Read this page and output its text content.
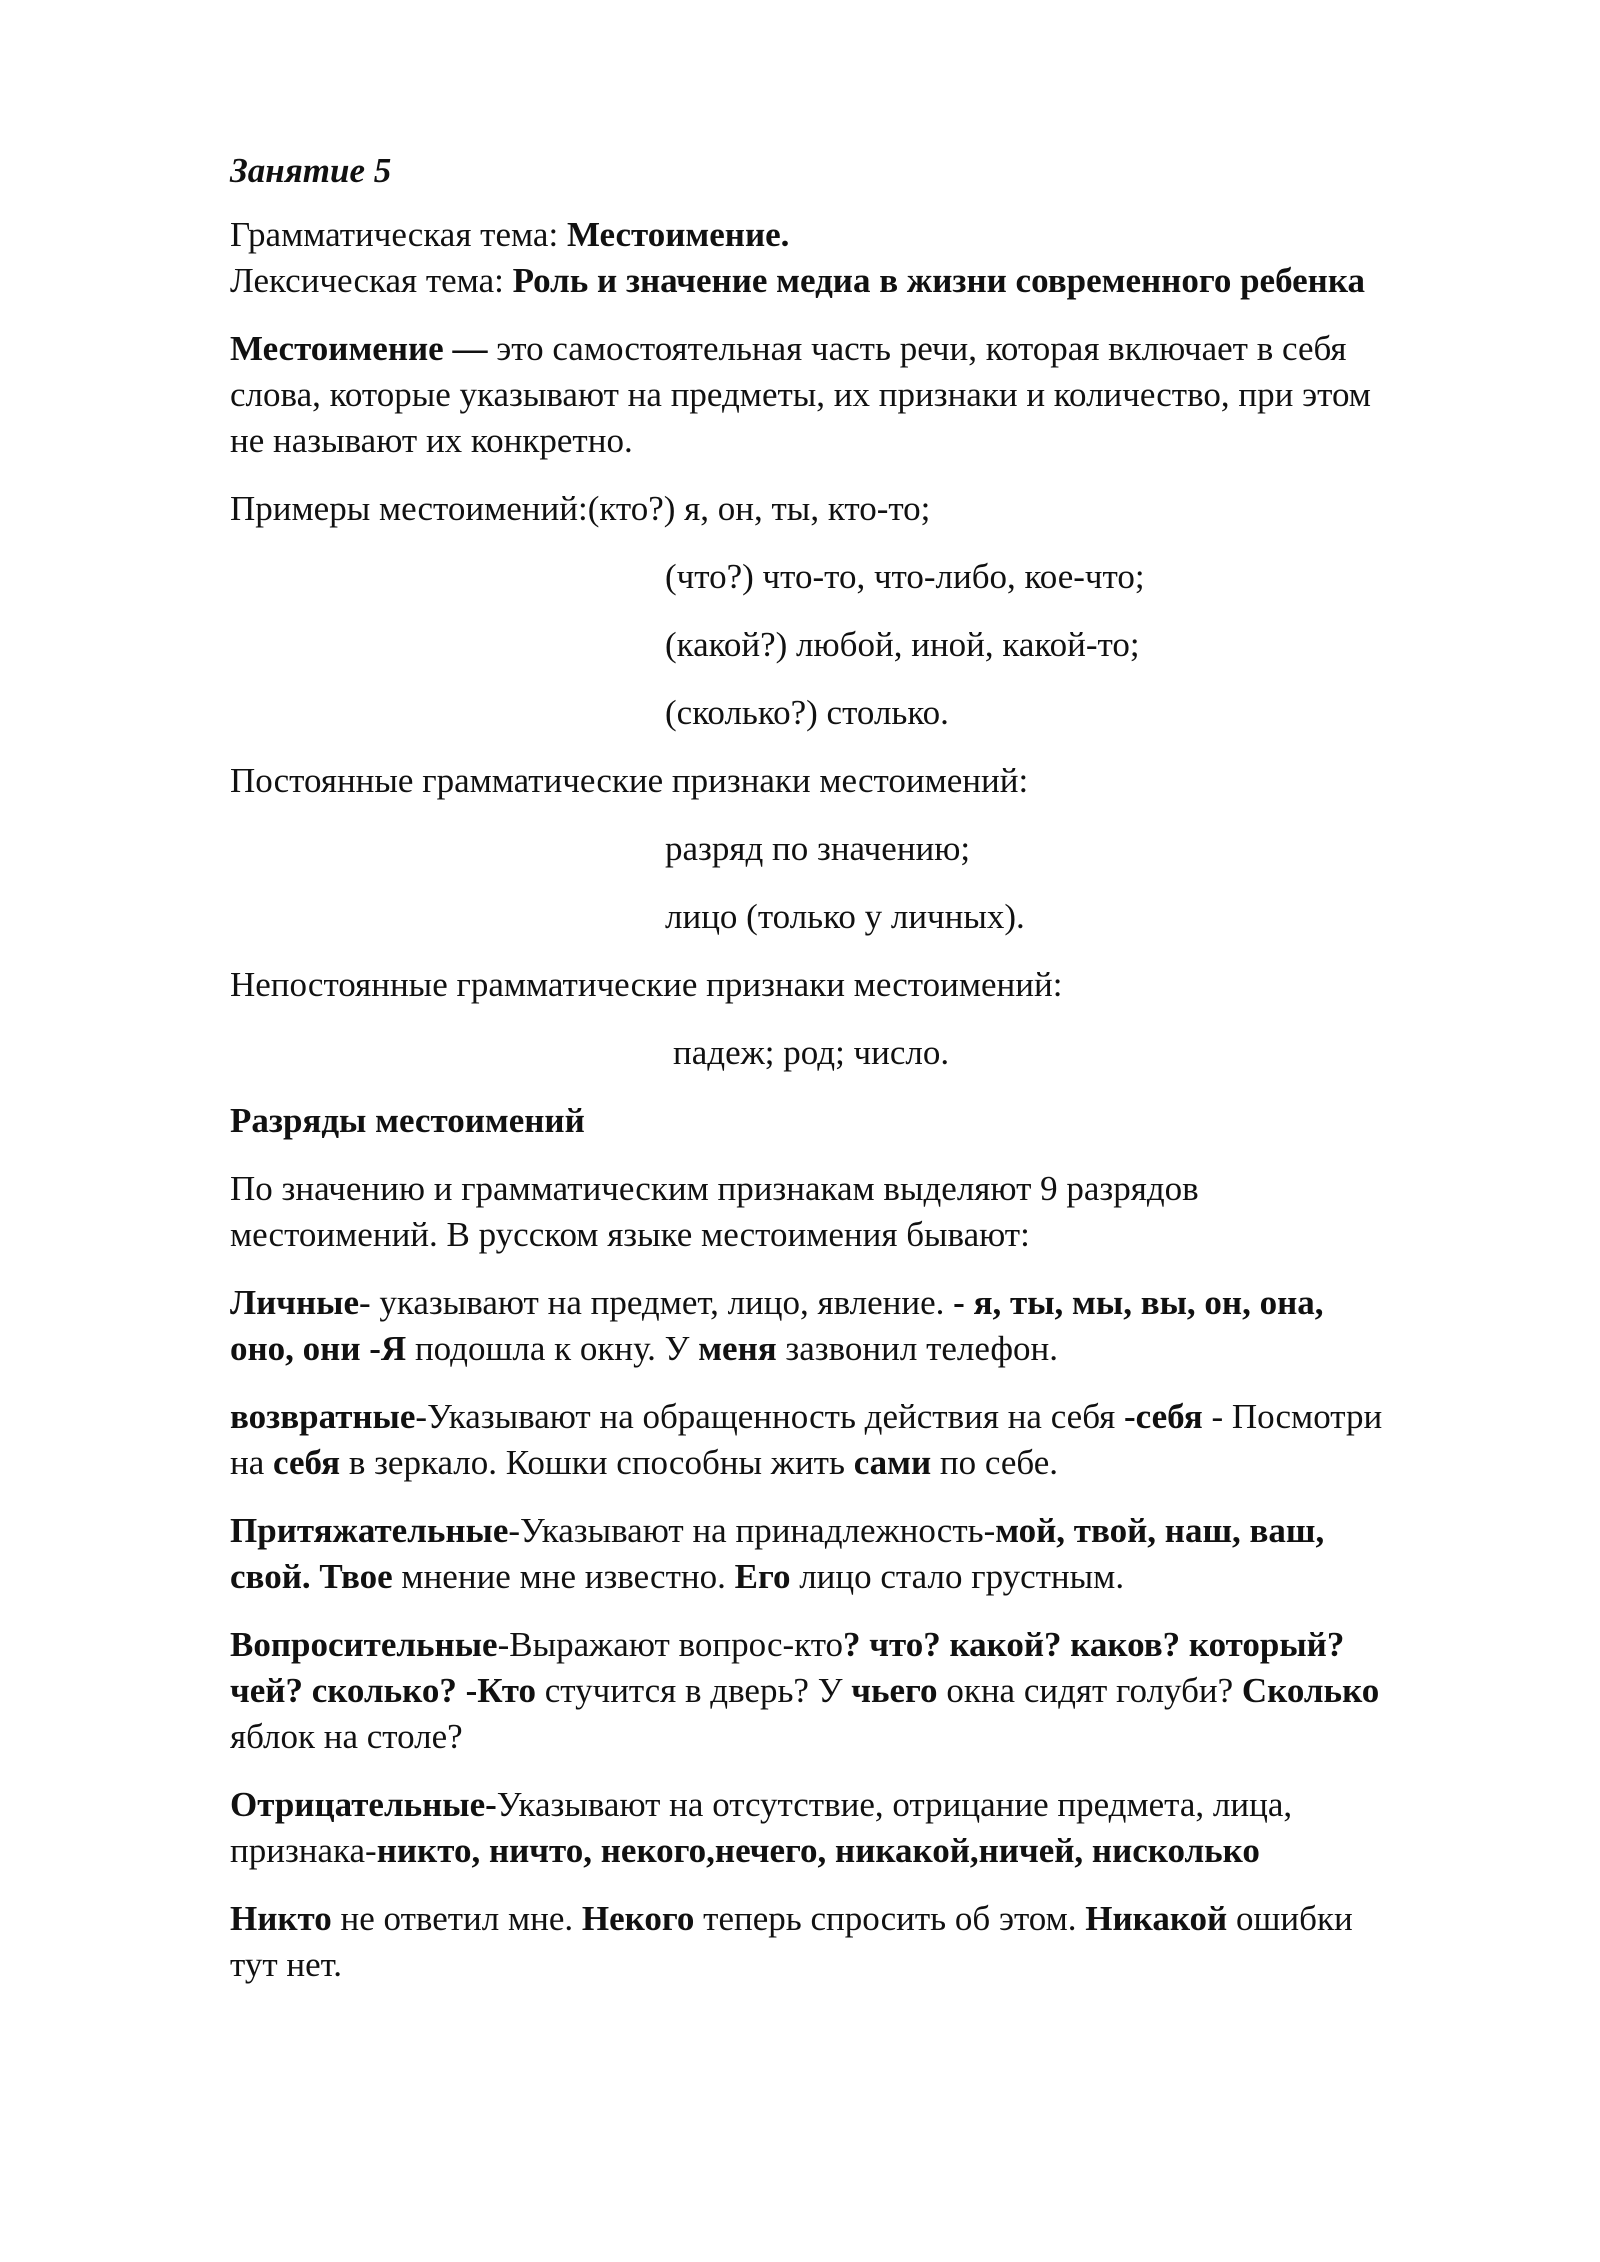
Занятие 5

Грамматическая тема: Местоимение.

Лексическая тема: Роль и значение медиа в жизни современного ребенка

Местоимение — это самостоятельная часть речи, которая включает в себя

слова, которые указывают на предметы, их признаки и количество, при этом

не называют их конкретно.

Примеры местоимений:(кто?) я, он, ты, кто-то;

(что?) что-то, что-либо, кое-что;

(какой?) любой, иной, какой-то;

(сколько?) столько.

Постоянные грамматические признаки местоимений:

разряд по значению;

лицо (только у личных).

Непостоянные грамматические признаки местоимений:

падеж; род; число.

Разряды местоимений

По значению и грамматическим признакам выделяют 9 разрядов

местоимений. В русском языке местоимения бывают:

Личные- указывают на предмет, лицо, явление. - я, ты, мы, вы, он, она,

оно, они -Я подошла к окну. У меня зазвонил телефон.

возвратные-Указывают на обращенность действия на себя -себя - Посмотри

на себя в зеркало. Кошки способны жить сами по себе.

Притяжательные-Указывают на принадлежность-мой, твой, наш, ваш,

свой. Твое мнение мне известно. Его лицо стало грустным.

Вопросительные-Выражают вопрос-кто? что? какой? каков? который?

чей? сколько? -Кто стучится в дверь? У чьего окна сидят голуби? Сколько

яблок на столе?

Отрицательные-Указывают на отсутствие, отрицание предмета, лица,

признака-никто, ничто, некого,нечего, никакой,ничей, нисколько

Никто не ответил мне. Некого теперь спросить об этом. Никакой ошибки

тут нет.
